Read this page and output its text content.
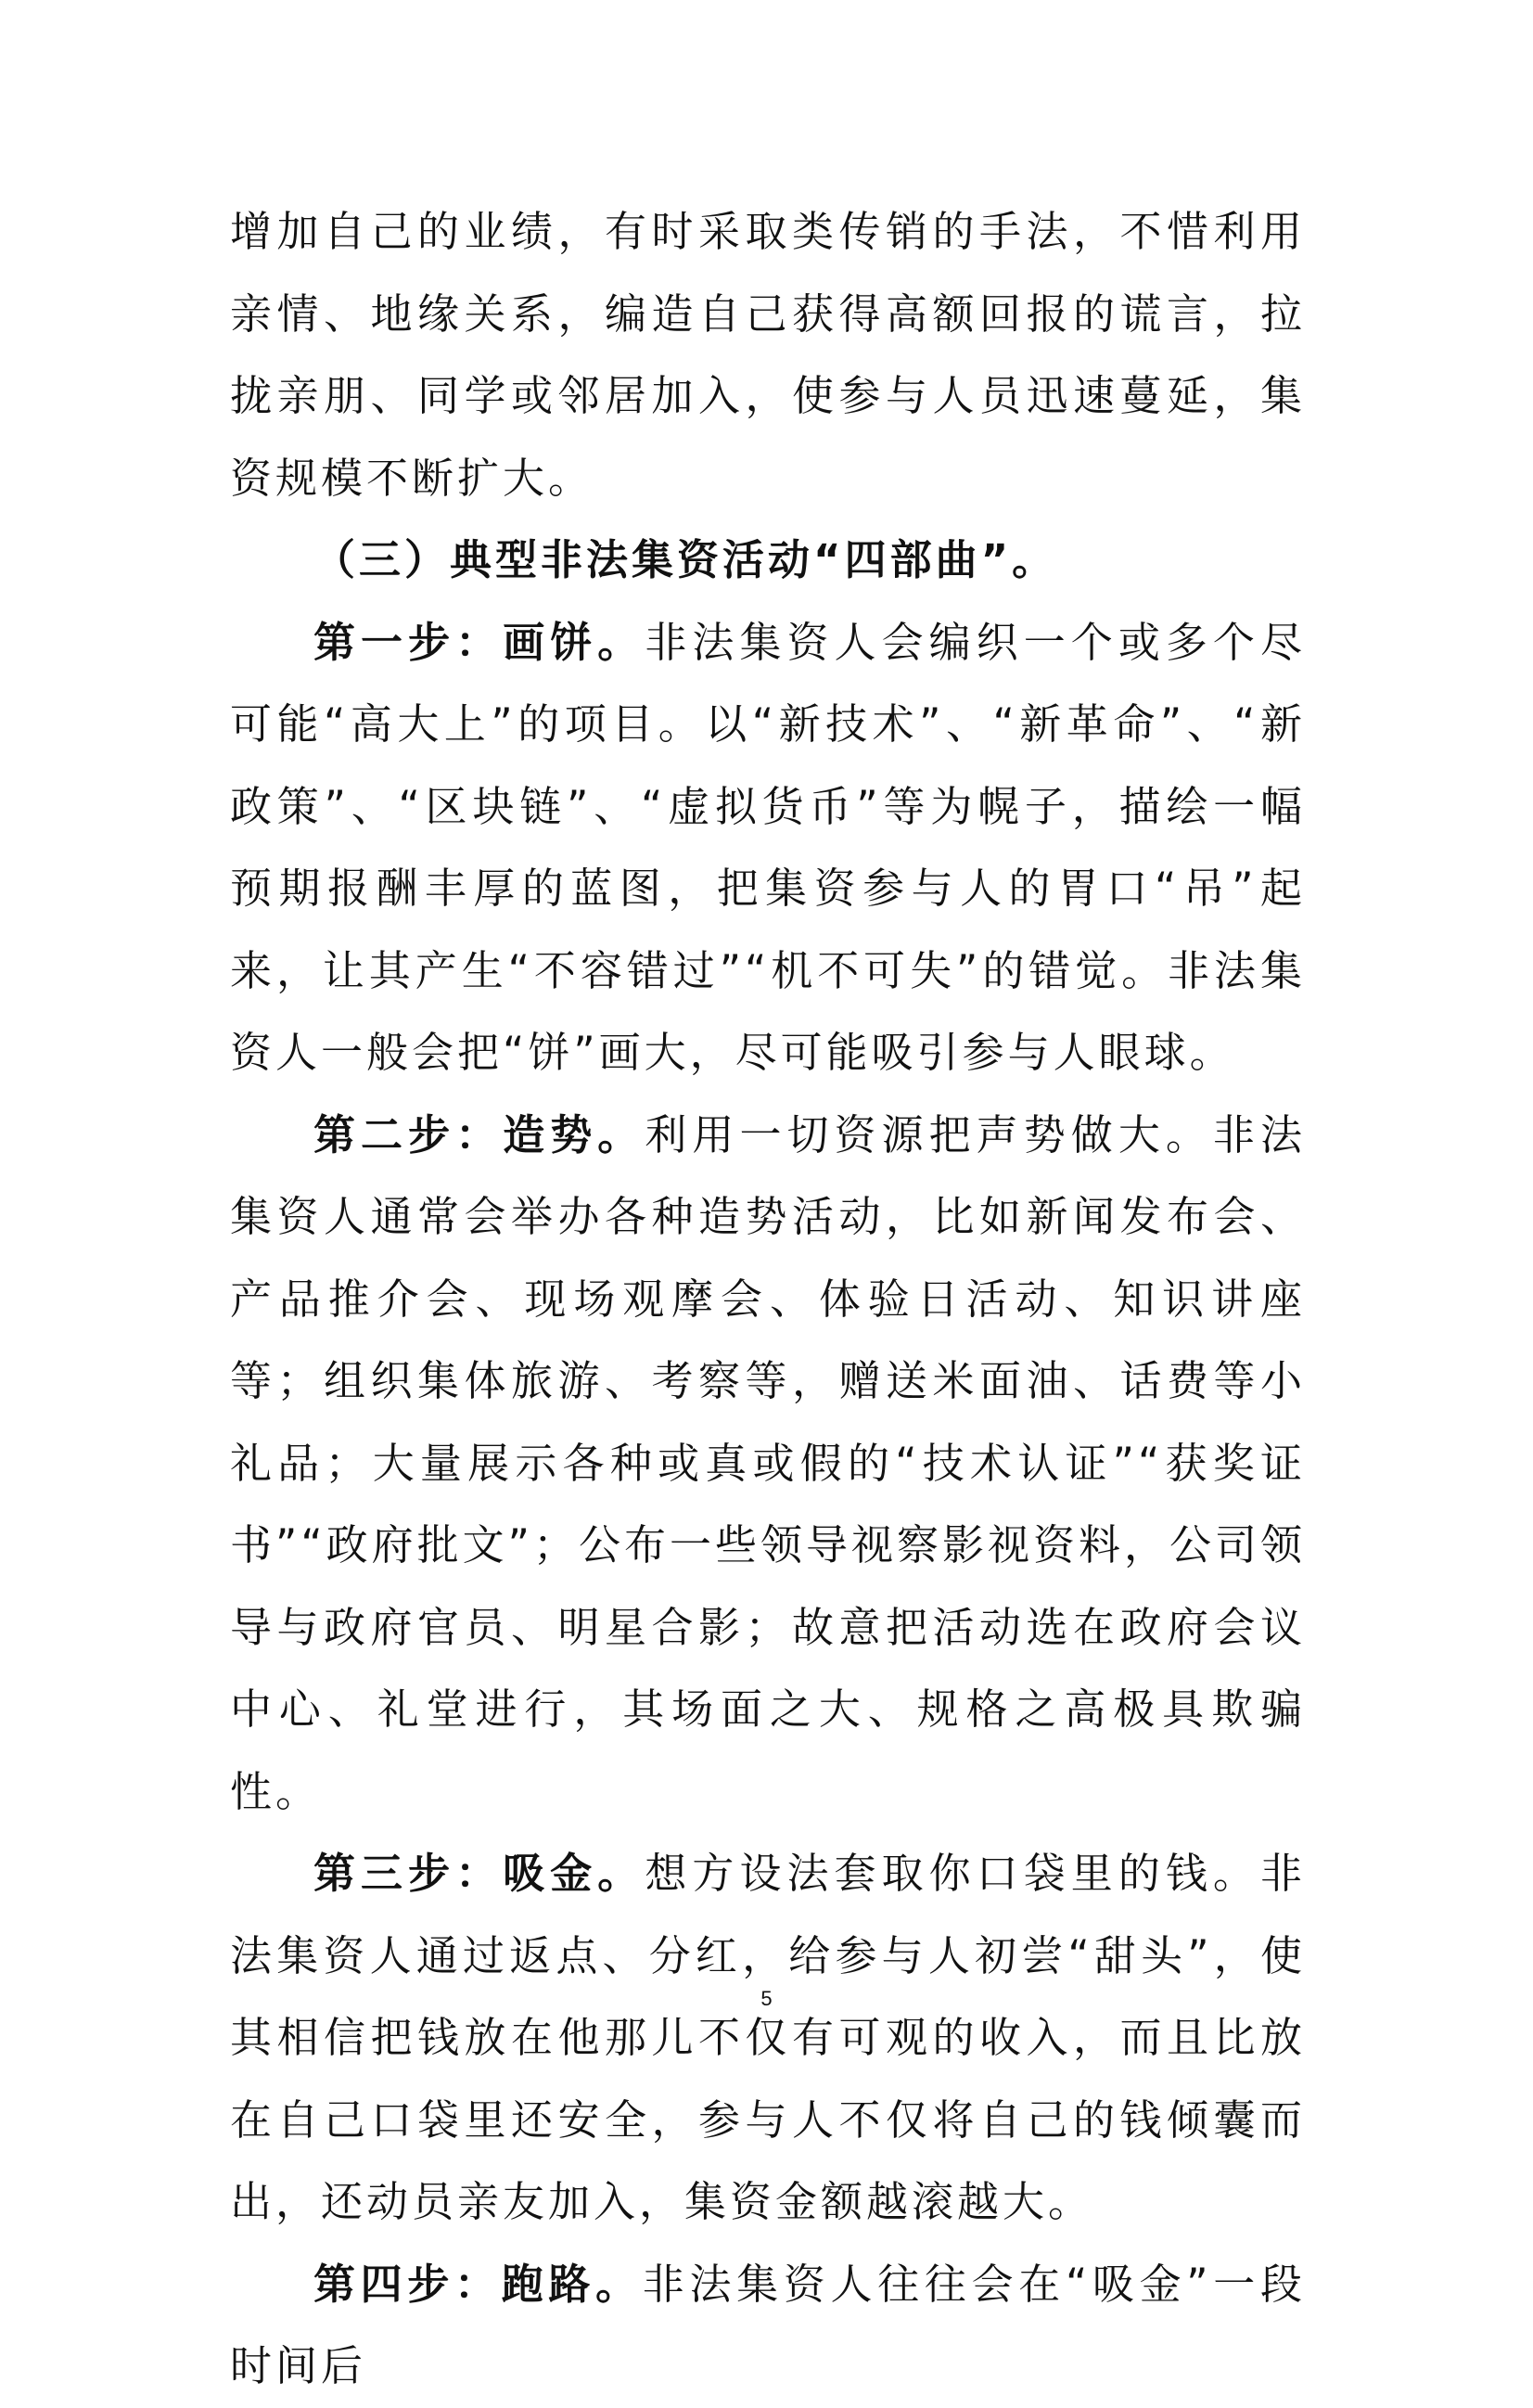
增加自己的业绩，有时采取类传销的手法，不惜利用亲情、地缘关系，编造自己获得高额回报的谎言，拉拢亲朋、同学或邻居加入，使参与人员迅速蔓延，集资规模不断扩大。

（三）典型非法集资活动“四部曲”。

第一步：画饼。非法集资人会编织一个或多个尽可能“高大上”的项目。以“新技术”、“新革命”、“新政策”、“区块链”、“虚拟货币”等为幌子，描绘一幅预期报酬丰厚的蓝图，把集资参与人的胃口“吊”起来，让其产生“不容错过”“机不可失”的错觉。非法集资人一般会把“饼”画大，尽可能吸引参与人眼球。

第二步：造势。利用一切资源把声势做大。非法集资人通常会举办各种造势活动，比如新闻发布会、产品推介会、现场观摩会、体验日活动、知识讲座等；组织集体旅游、考察等，赠送米面油、话费等小礼品；大量展示各种或真或假的“技术认证”“获奖证书”“政府批文”；公布一些领导视察影视资料，公司领导与政府官员、明星合影；故意把活动选在政府会议中心、礼堂进行，其场面之大、规格之高极具欺骗性。

第三步：吸金。想方设法套取你口袋里的钱。非法集资人通过返点、分红，给参与人初尝“甜头”，使其相信把钱放在他那儿不仅有可观的收入，而且比放在自己口袋里还安全，参与人不仅将自己的钱倾囊而出，还动员亲友加入，集资金额越滚越大。

第四步：跑路。非法集资人往往会在“吸金”一段时间后

5
